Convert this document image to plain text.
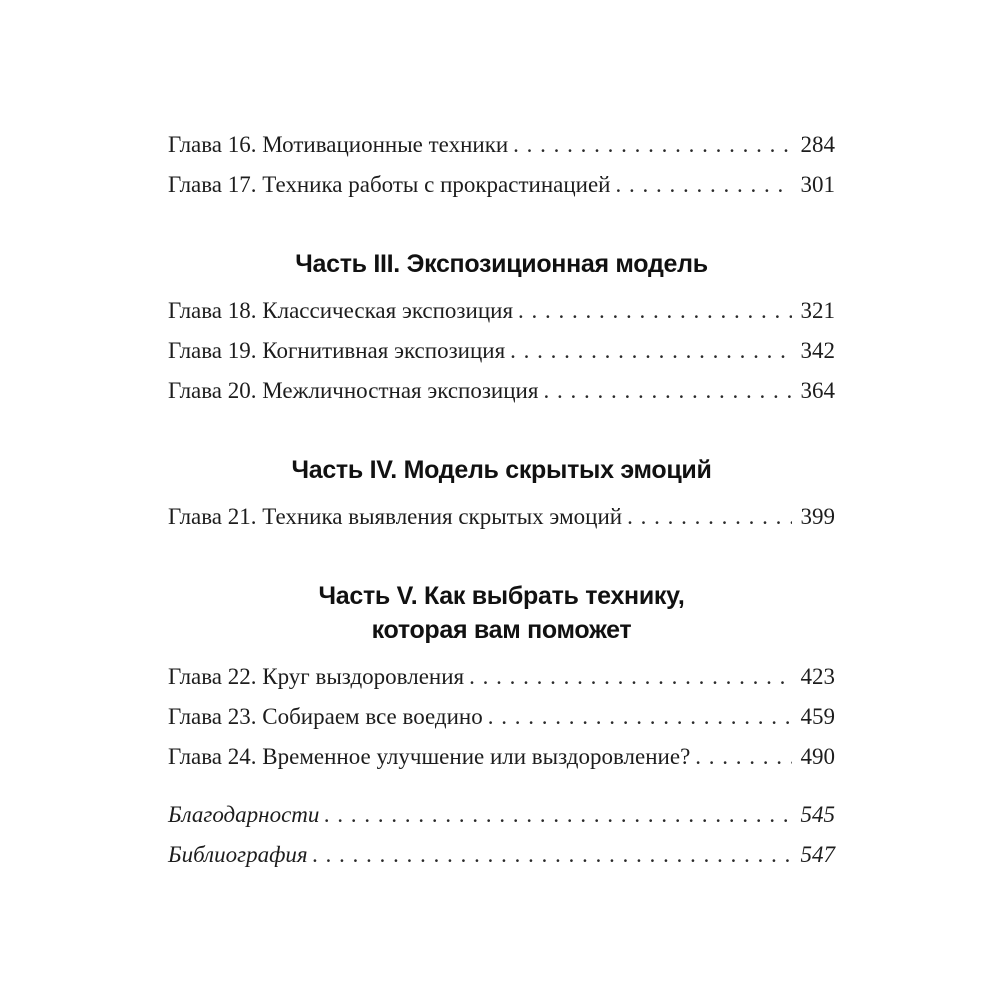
Глава 16. Мотивационные техники . . .	284
Глава 17. Техника работы с прокрастинацией . . .	301
Часть III. Экспозиционная модель
Глава 18. Классическая экспозиция . . .	321
Глава 19. Когнитивная экспозиция . . .	342
Глава 20. Межличностная экспозиция . . .	364
Часть IV. Модель скрытых эмоций
Глава 21. Техника выявления скрытых эмоций . . .	399
Часть V. Как выбрать технику,
которая вам поможет
Глава 22. Круг выздоровления . . .	423
Глава 23. Собираем все воедино . . .	459
Глава 24. Временное улучшение или выздоровление? . . .	490
Благодарности . . .	545
Библиография . . .	547
